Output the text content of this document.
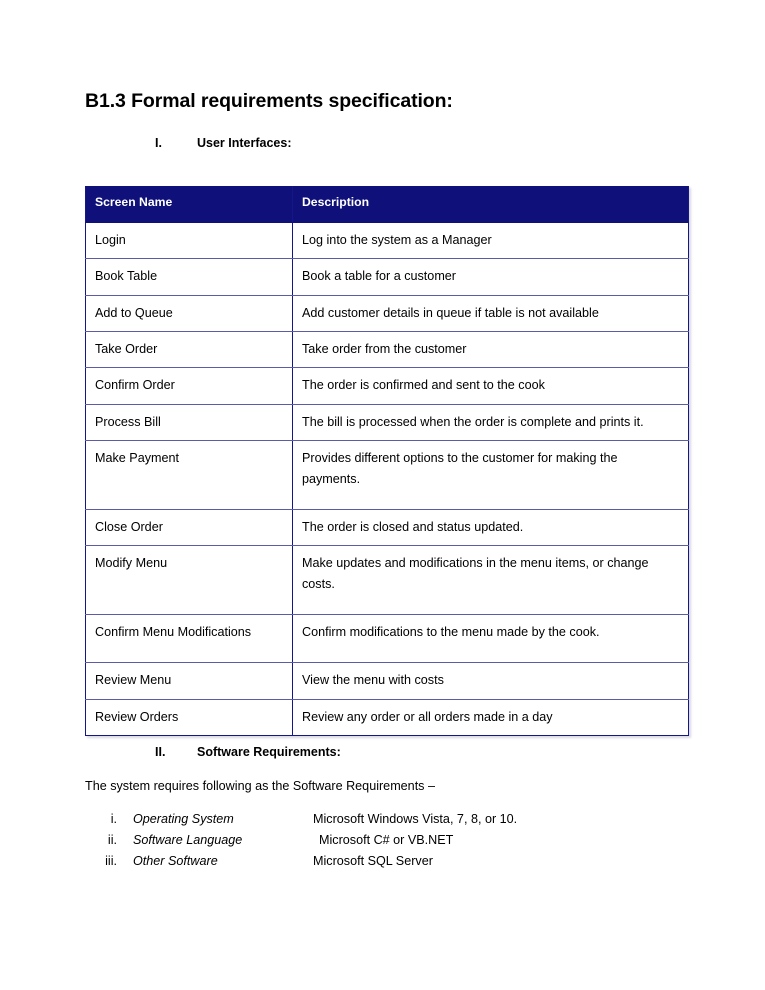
B1.3 Formal requirements specification:
I.	User Interfaces:
Screen Name	Description
Login	Log into the system as a Manager
Book Table	Book a table for a customer
Add to Queue	Add customer details in queue if table is not available
Take Order	Take order from the customer
Confirm Order	The order is confirmed and sent to the cook
Process Bill	The bill is processed when the order is complete and prints it.
Make Payment	Provides different options to the customer for making the payments.
Close Order	The order is closed and status updated.
Modify Menu	Make updates and modifications in the menu items, or change costs.
Confirm Menu Modifications	Confirm modifications to the menu made by the cook.
Review Menu	View the menu with costs
Review Orders	Review any order or all orders made in a day
II.	Software Requirements:
The system requires following as the Software Requirements –
i.	Operating System	Microsoft Windows Vista, 7, 8, or 10.
ii.	Software Language	Microsoft C# or VB.NET
iii.	Other Software	Microsoft SQL Server
